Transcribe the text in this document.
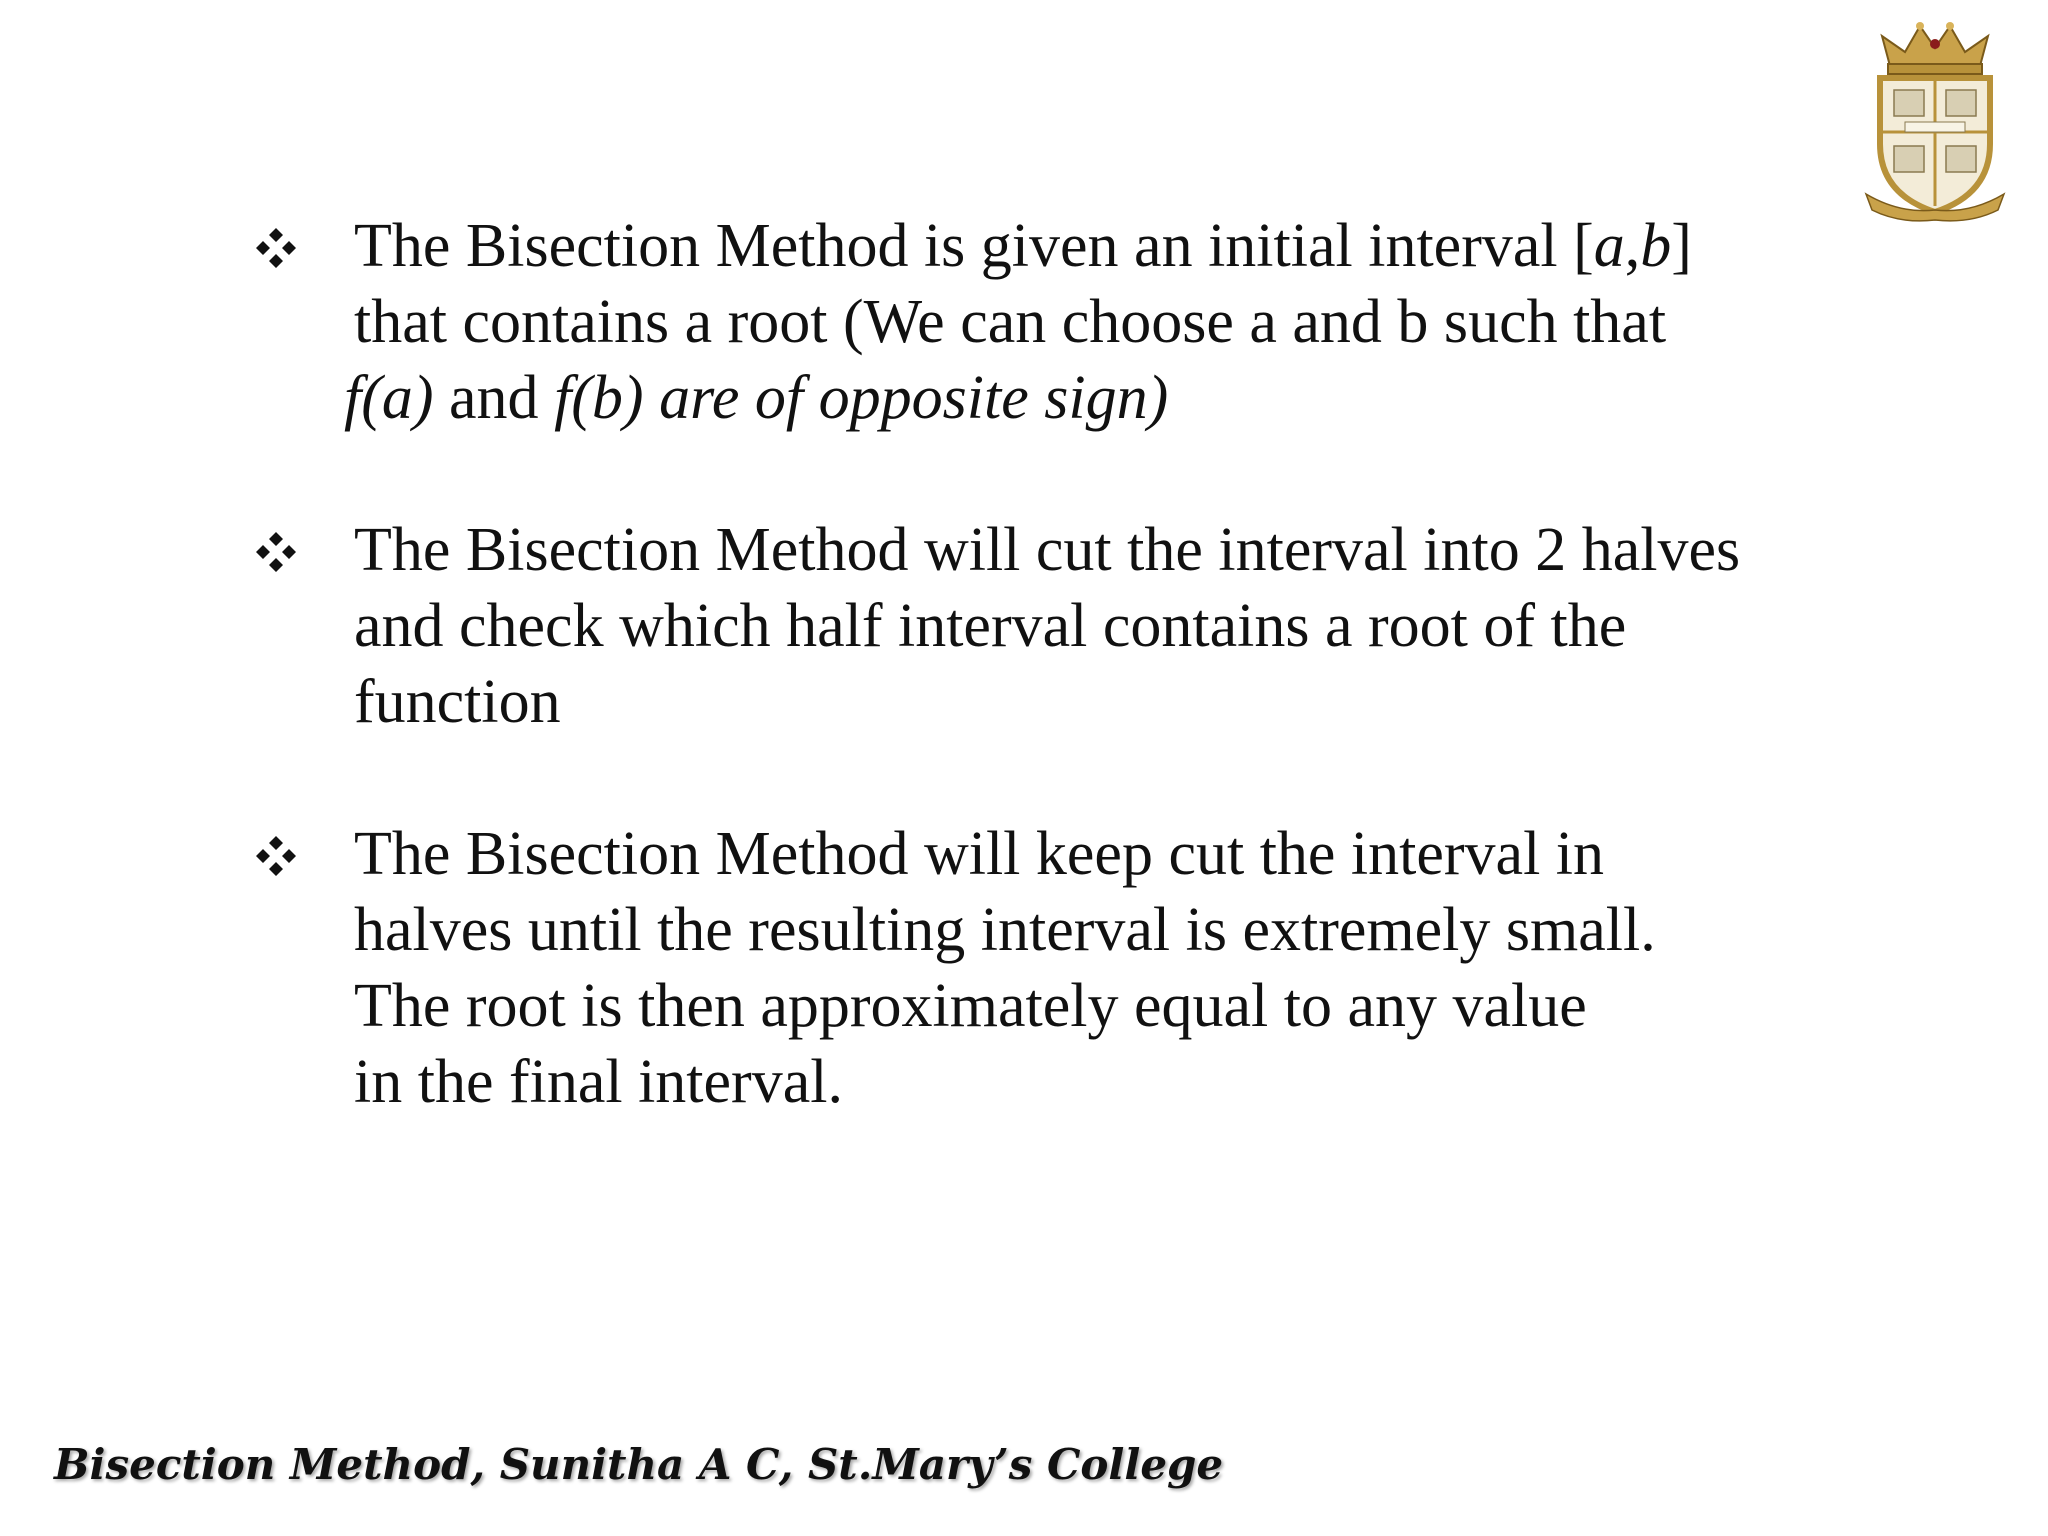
The Bisection Method is given an initial interval [a,b]
that contains a root (We can choose a and b such that
f(a) and f(b) are of opposite sign)
The Bisection Method will cut the interval into 2 halves
and check which half interval contains a root of the
function
The Bisection Method will keep cut the interval in
halves until the resulting interval is extremely small.
The root is then approximately equal to any value
in the final interval.
Bisection Method, Sunitha A C, St.Mary’s College
